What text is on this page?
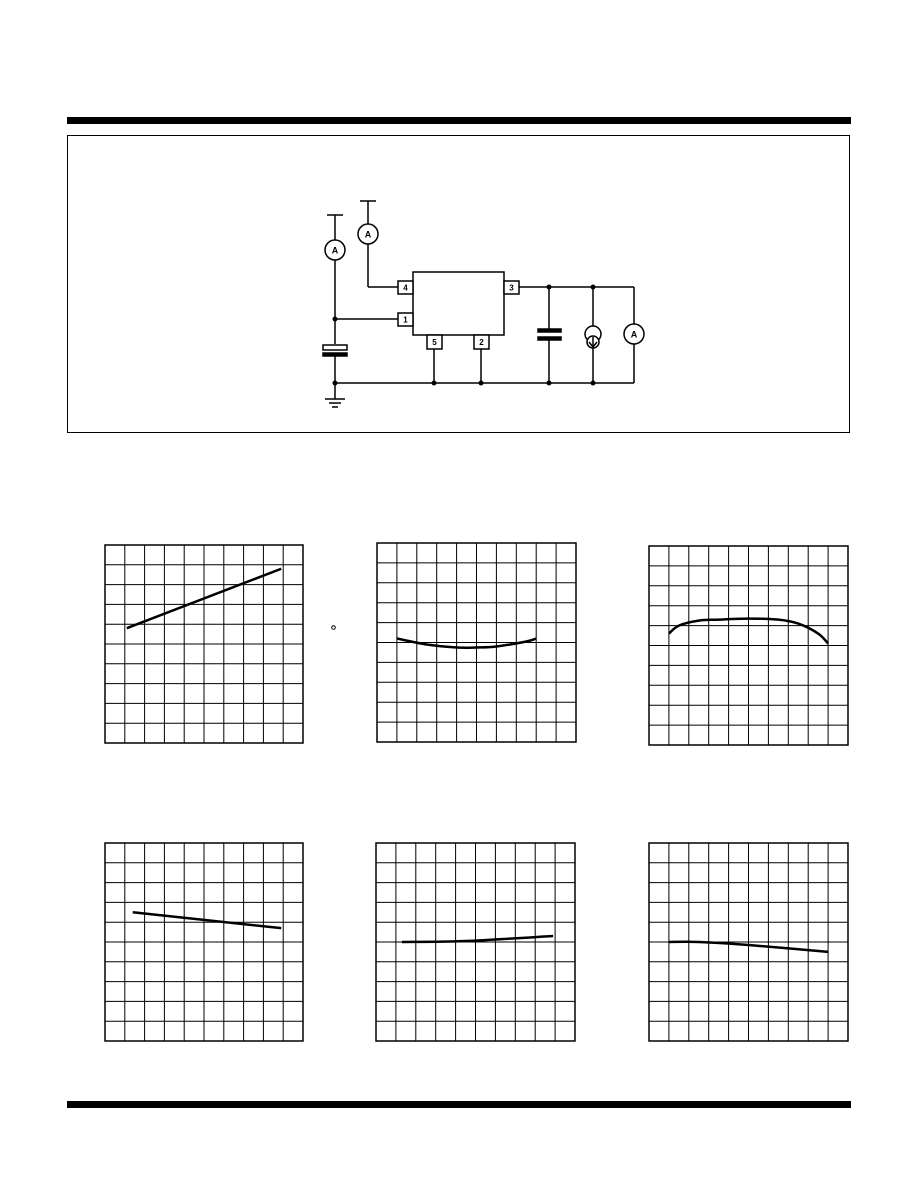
A
A
A
4
1
3
5	2
